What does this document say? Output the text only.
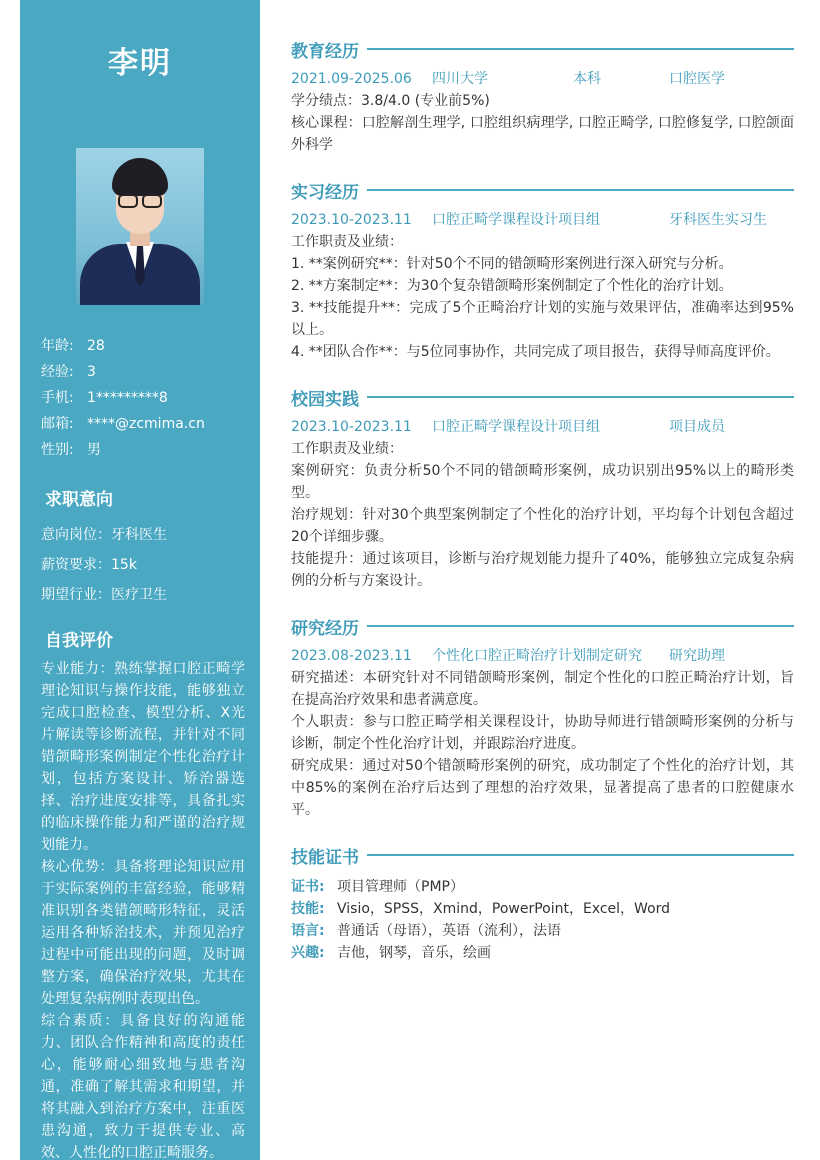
李明
年龄: 28
经验: 3
手机: 1*********8
邮箱: ****@zcmima.cn
性别: 男
求职意向
意向岗位：牙科医生
薪资要求：15k
期望行业：医疗卫生
自我评价

专业能力：熟练掌握口腔正畸学理论知识与操作技能，能够独立完成口腔检查、模型分析、X光片解读等诊断流程，并针对不同错颌畸形案例制定个性化治疗计划，包括方案设计、矫治器选择、治疗进度安排等，具备扎实的临床操作能力和严谨的治疗规划能力。

核心优势：具备将理论知识应用于实际案例的丰富经验，能够精准识别各类错颌畸形特征，灵活运用各种矫治技术，并预见治疗过程中可能出现的问题，及时调整方案，确保治疗效果，尤其在处理复杂病例时表现出色。

综合素质：具备良好的沟通能力、团队合作精神和高度的责任心，能够耐心细致地与患者沟通，准确了解其需求和期望，并将其融入到治疗方案中，注重医患沟通，致力于提供专业、高效、人性化的口腔正畸服务。

教育经历
2021.09-2025.06	四川大学	本科	口腔医学

学分绩点：3.8/4.0 (专业前5%)

核心课程：口腔解剖生理学, 口腔组织病理学, 口腔正畸学, 口腔修复学, 口腔颌面外科学

实习经历
2023.10-2023.11	口腔正畸学课程设计项目组	牙科医生实习生

工作职责及业绩：

1. **案例研究**：针对50个不同的错颌畸形案例进行深入研究与分析。

2. **方案制定**：为30个复杂错颌畸形案例制定了个性化的治疗计划。

3. **技能提升**：完成了5个正畸治疗计划的实施与效果评估，准确率达到95%以上。

4. **团队合作**：与5位同事协作，共同完成了项目报告，获得导师高度评价。

校园实践
2023.10-2023.11	口腔正畸学课程设计项目组	项目成员

工作职责及业绩：

案例研究：负责分析50个不同的错颌畸形案例，成功识别出95%以上的畸形类型。

治疗规划：针对30个典型案例制定了个性化的治疗计划，平均每个计划包含超过20个详细步骤。

技能提升：通过该项目，诊断与治疗规划能力提升了40%，能够独立完成复杂病例的分析与方案设计。

研究经历
2023.08-2023.11	个性化口腔正畸治疗计划制定研究	研究助理

研究描述：本研究针对不同错颌畸形案例，制定个性化的口腔正畸治疗计划，旨在提高治疗效果和患者满意度。

个人职责：参与口腔正畸学相关课程设计，协助导师进行错颌畸形案例的分析与诊断，制定个性化治疗计划，并跟踪治疗进度。

研究成果：通过对50个错颌畸形案例的研究，成功制定了个性化的治疗计划，其中85%的案例在治疗后达到了理想的治疗效果，显著提高了患者的口腔健康水平。

技能证书
证书: 项目管理师（PMP）
技能: Visio，SPSS，Xmind，PowerPoint，Excel，Word
语言: 普通话（母语），英语（流利），法语
兴趣: 吉他，钢琴，音乐，绘画
